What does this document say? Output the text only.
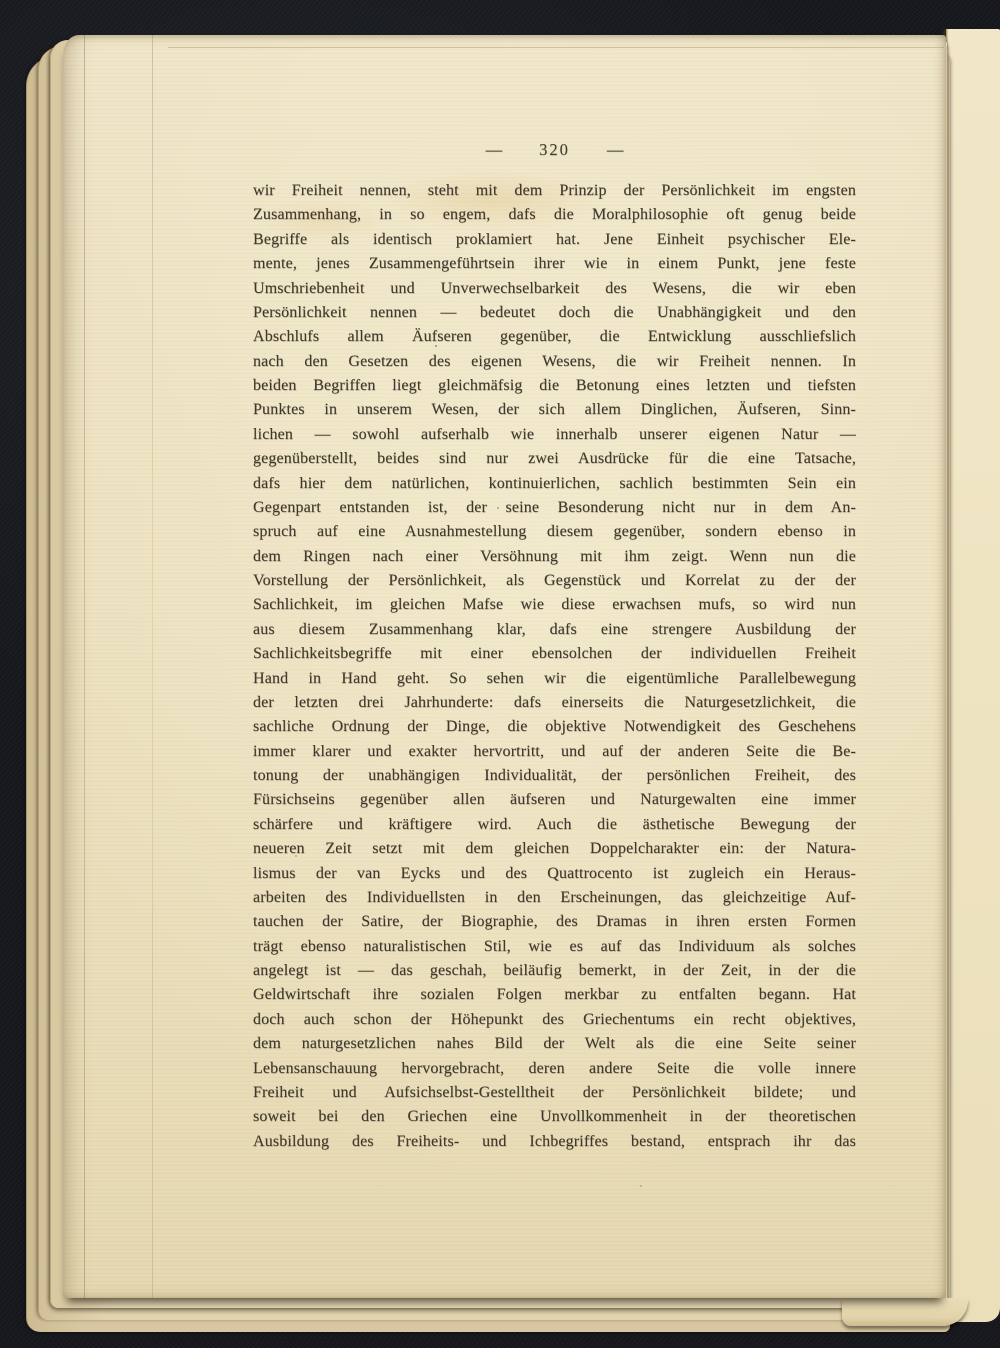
— 320 —
wir Freiheit nennen, steht mit dem Prinzip der Persönlichkeit im engsten
Zusammenhang, in so engem, dafs die Moralphilosophie oft genug beide
Begriffe als identisch proklamiert hat. Jene Einheit psychischer Ele-
mente, jenes Zusammengeführtsein ihrer wie in einem Punkt, jene feste
Umschriebenheit und Unverwechselbarkeit des Wesens, die wir eben
Persönlichkeit nennen — bedeutet doch die Unabhängigkeit und den
Abschlufs allem Äufseren gegenüber, die Entwicklung ausschliefslich
nach den Gesetzen des eigenen Wesens, die wir Freiheit nennen. In
beiden Begriffen liegt gleichmäfsig die Betonung eines letzten und tiefsten
Punktes in unserem Wesen, der sich allem Dinglichen, Äufseren, Sinn-
lichen — sowohl aufserhalb wie innerhalb unserer eigenen Natur —
gegenüberstellt, beides sind nur zwei Ausdrücke für die eine Tatsache,
dafs hier dem natürlichen, kontinuierlichen, sachlich bestimmten Sein ein
Gegenpart entstanden ist, der seine Besonderung nicht nur in dem An-
spruch auf eine Ausnahmestellung diesem gegenüber, sondern ebenso in
dem Ringen nach einer Versöhnung mit ihm zeigt. Wenn nun die
Vorstellung der Persönlichkeit, als Gegenstück und Korrelat zu der der
Sachlichkeit, im gleichen Mafse wie diese erwachsen mufs, so wird nun
aus diesem Zusammenhang klar, dafs eine strengere Ausbildung der
Sachlichkeitsbegriffe mit einer ebensolchen der individuellen Freiheit
Hand in Hand geht. So sehen wir die eigentümliche Parallelbewegung
der letzten drei Jahrhunderte: dafs einerseits die Naturgesetzlichkeit, die
sachliche Ordnung der Dinge, die objektive Notwendigkeit des Geschehens
immer klarer und exakter hervortritt, und auf der anderen Seite die Be-
tonung der unabhängigen Individualität, der persönlichen Freiheit, des
Fürsichseins gegenüber allen äufseren und Naturgewalten eine immer
schärfere und kräftigere wird. Auch die ästhetische Bewegung der
neueren Zeit setzt mit dem gleichen Doppelcharakter ein: der Natura-
lismus der van Eycks und des Quattrocento ist zugleich ein Heraus-
arbeiten des Individuellsten in den Erscheinungen, das gleichzeitige Auf-
tauchen der Satire, der Biographie, des Dramas in ihren ersten Formen
trägt ebenso naturalistischen Stil, wie es auf das Individuum als solches
angelegt ist — das geschah, beiläufig bemerkt, in der Zeit, in der die
Geldwirtschaft ihre sozialen Folgen merkbar zu entfalten begann. Hat
doch auch schon der Höhepunkt des Griechentums ein recht objektives,
dem naturgesetzlichen nahes Bild der Welt als die eine Seite seiner
Lebensanschauung hervorgebracht, deren andere Seite die volle innere
Freiheit und Aufsichselbst-Gestelltheit der Persönlichkeit bildete; und
soweit bei den Griechen eine Unvollkommenheit in der theoretischen
Ausbildung des Freiheits- und Ichbegriffes bestand, entsprach ihr das
